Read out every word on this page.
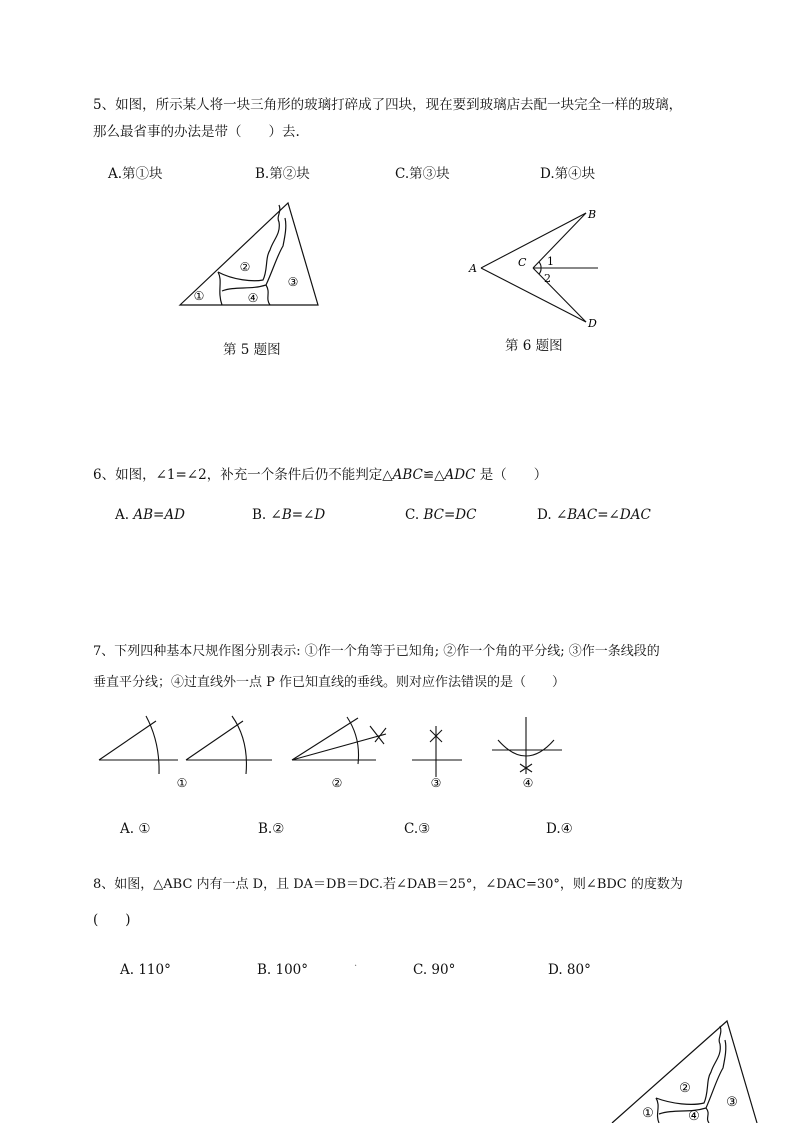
5、如图，所示某人将一块三角形的玻璃打碎成了四块，现在要到玻璃店去配一块完全一样的玻璃，
那么最省事的办法是带（　　）去.
A.第①块	B.第②块	C.第③块	D.第④块
①
②
③
④
第 5 题图
A
B
C
D
1
2
第 6 题图
6、如图，∠1=∠2，补充一个条件后仍不能判定△ABC≌△ADC 是（　　）
A. AB=AD	B. ∠B=∠D	C. BC=DC	D. ∠BAC=∠DAC
7、下列四种基本尺规作图分别表示: ①作一个角等于已知角; ②作一个角的平分线; ③作一条线段的
垂直平分线；④过直线外一点 P 作已知直线的垂线。则对应作法错误的是（　　）
①	②	③	④
A. ①	B.②	C.③	D.④
8、如图，△ABC 内有一点 D，且 DA＝DB＝DC.若∠DAB＝25°，∠DAC=30°，则∠BDC 的度数为
(　　)
A. 110°	B. 100°	.	C. 90°	D. 80°
①
②
③
④
